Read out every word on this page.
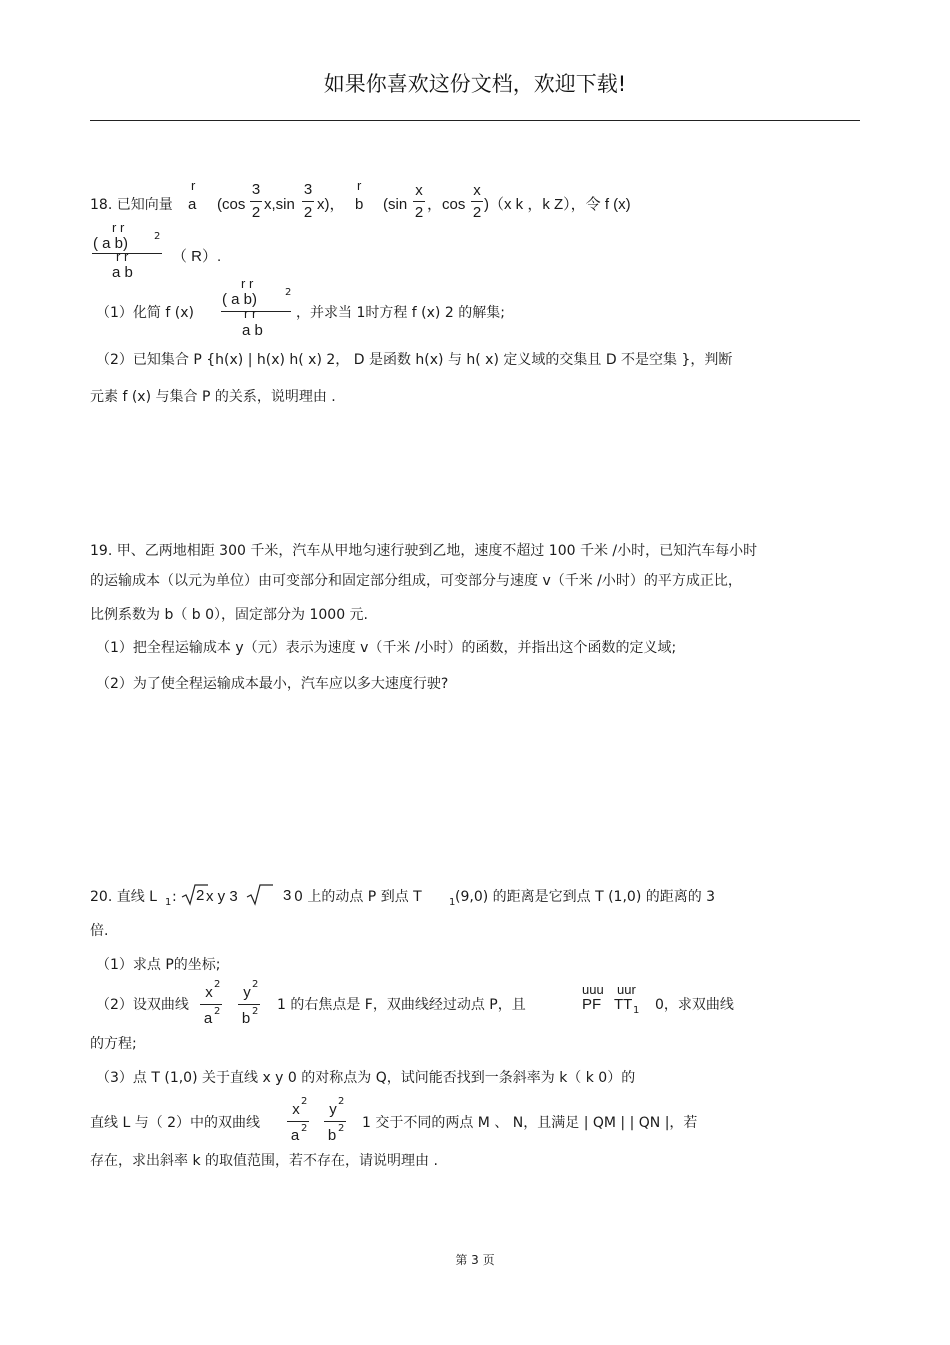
如果你喜欢这份文档，欢迎下载!
r
18. 已知向量 a (cos
3
2 x,sin
3
2 x)，
r
b (sin
x
2 ，cos
x
2 )（x k ，k Z），令 f (x)
r r
( a b)	2
r r
a b
（ R）.
r r
（1）化简 f (x)
( a b)	2
r r
a b
，并求当 1时方程 f (x) 2 的解集;
（2）已知集合 P {h(x) | h(x) h( x) 2， D 是函数 h(x) 与 h( x) 定义域的交集且 D 不是空集 }，判断
元素 f (x) 与集合 P 的关系，说明理由 .
19. 甲、乙两地相距 300 千米，汽车从甲地匀速行驶到乙地，速度不超过 100 千米 /小时，已知汽车每小时
的运输成本（以元为单位）由可变部分和固定部分组成，可变部分与速度 v（千米 /小时）的平方成正比，
比例系数为 b（ b 0），固定部分为 1000 元.
（1）把全程运输成本 y（元）表示为速度 v（千米 /小时）的函数，并指出这个函数的定义域;
（2）为了使全程运输成本最小，汽车应以多大速度行驶?
20. 直线 L 1 : 2 x y 3	3 0 上的动点 P 到点 T	1 (9,0) 的距离是它到点 T (1,0) 的距离的 3
倍.
（1）求点 P的坐标;
（2）设双曲线
x 2
a 2
y 2
b 2 1 的右焦点是 F，双曲线经过动点 P，且
uuu
PF
uur
TT 1 0，求双曲线
的方程;
（3）点 T (1,0) 关于直线 x y 0 的对称点为 Q，试问能否找到一条斜率为 k（ k 0）的
直线 L 与（ 2）中的双曲线
x 2
a 2
y 2
b 2 1 交于不同的两点 M 、 N，且满足 | QM | | QN |，若
存在，求出斜率 k 的取值范围，若不存在，请说明理由 .
第 3 页
